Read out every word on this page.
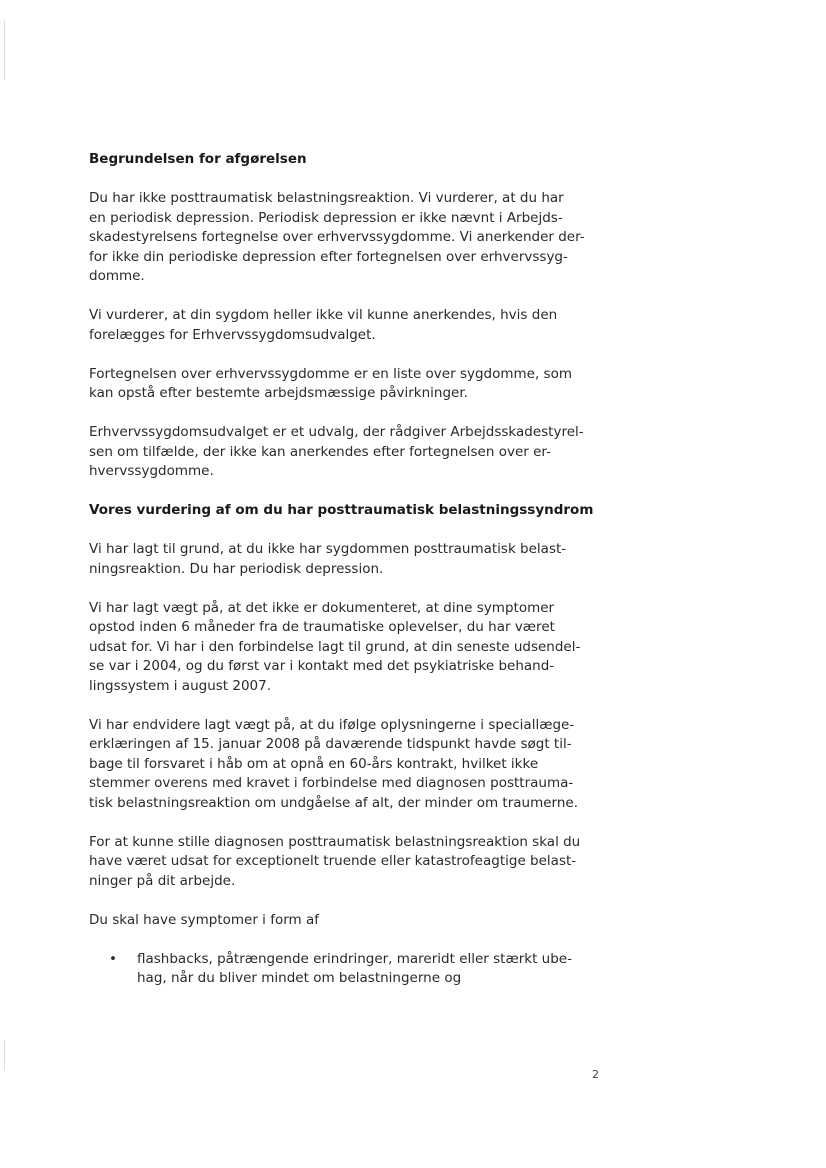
Begrundelsen for afgørelsen

Du har ikke posttraumatisk belastningsreaktion. Vi vurderer, at du har
en periodisk depression. Periodisk depression er ikke nævnt i Arbejds-
skadestyrelsens fortegnelse over erhvervssygdomme. Vi anerkender der-
for ikke din periodiske depression efter fortegnelsen over erhvervssyg-
domme.

Vi vurderer, at din sygdom heller ikke vil kunne anerkendes, hvis den
forelægges for Erhvervssygdomsudvalget.

Fortegnelsen over erhvervssygdomme er en liste over sygdomme, som
kan opstå efter bestemte arbejdsmæssige påvirkninger.

Erhvervssygdomsudvalget er et udvalg, der rådgiver Arbejdsskadestyrel-
sen om tilfælde, der ikke kan anerkendes efter fortegnelsen over er-
hvervssygdomme.

Vores vurdering af om du har posttraumatisk belastningssyndrom

Vi har lagt til grund, at du ikke har sygdommen posttraumatisk belast-
ningsreaktion. Du har periodisk depression.

Vi har lagt vægt på, at det ikke er dokumenteret, at dine symptomer
opstod inden 6 måneder fra de traumatiske oplevelser, du har været
udsat for. Vi har i den forbindelse lagt til grund, at din seneste udsendel-
se var i 2004, og du først var i kontakt med det psykiatriske behand-
lingssystem i august 2007.

Vi har endvidere lagt vægt på, at du ifølge oplysningerne i speciallæge-
erklæringen af 15. januar 2008 på daværende tidspunkt havde søgt til-
bage til forsvaret i håb om at opnå en 60-års kontrakt, hvilket ikke
stemmer overens med kravet i forbindelse med diagnosen posttrauma-
tisk belastningsreaktion om undgåelse af alt, der minder om traumerne.

For at kunne stille diagnosen posttraumatisk belastningsreaktion skal du
have været udsat for exceptionelt truende eller katastrofeagtige belast-
ninger på dit arbejde.

Du skal have symptomer i form af

•	flashbacks, påtrængende erindringer, mareridt eller stærkt ube-
hag, når du bliver mindet om belastningerne og
2
